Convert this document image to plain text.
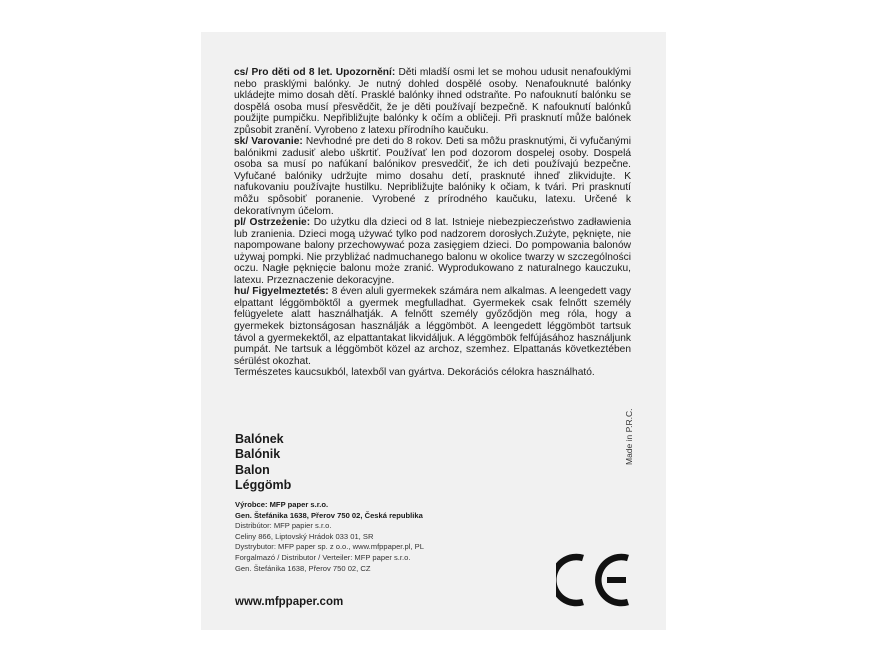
cs/ Pro děti od 8 let. Upozornění: Děti mladší osmi let se mohou udusit nenafouklými nebo prasklými balónky. Je nutný dohled dospělé osoby. Nenafouknuté balónky ukládejte mimo dosah dětí. Prasklé balónky ihned odstraňte. Po nafouknutí balónku se dospělá osoba musí přesvědčit, že je děti používají bezpečně. K nafouknutí balónků použijte pumpičku. Nepřibližujte balónky k očím a obličeji. Při prasknutí může balónek způsobit zranění. Vyrobeno z latexu přírodního kaučuku.

sk/ Varovanie: Nevhodné pre deti do 8 rokov. Deti sa môžu prasknutými, či vyfučanými balónikmi zadusiť alebo uškrtiť. Používať len pod dozorom dospelej osoby. Dospelá osoba sa musí po nafúkaní balónikov presvedčiť, že ich deti používajú bezpečne. Vyfučané balóniky udržujte mimo dosahu detí, prasknuté ihneď zlikvidujte. K nafukovaniu používajte hustilku. Nepribližujte balóniky k očiam, k tvári. Pri prasknutí môžu spôsobiť poranenie. Vyrobené z prírodného kaučuku, latexu. Určené k dekoratívnym účelom.

pl/ Ostrzeżenie: Do użytku dla dzieci od 8 lat. Istnieje niebezpieczeństwo zadławienia lub zranienia. Dzieci mogą używać tylko pod nadzorem dorosłych.Zużyte, pęknięte, nie napompowane balony przechowywać poza zasięgiem dzieci. Do pompowania balonów używaj pompki. Nie przybliżać nadmuchanego balonu w okolice twarzy w szczególności oczu. Nagłe pęknięcie balonu może zranić. Wyprodukowano z naturalnego kauczuku, latexu. Przeznaczenie dekoracyjne.

hu/ Figyelmeztetés: 8 éven aluli gyermekek számára nem alkalmas. A leengedett vagy elpattant léggömböktől a gyermek megfulladhat. Gyermekek csak felnőtt személy felügyelete alatt használhatják. A felnőtt személy győződjön meg róla, hogy a gyermekek biztonságosan használják a léggömböt. A leengedett léggömböt tartsuk távol a gyermekektől, az elpattantakat likvidáljuk. A léggömbök felfújásához használjunk pumpát. Ne tartsuk a léggömböt közel az archoz, szemhez. Elpattanás következtében sérülést okozhat.

Természetes kaucsukból, latexből van gyártva. Dekorációs célokra használható.

Made in P.R.C.
Balónek
Balónik
Balon
Léggömb
Výrobce: MFP paper s.r.o.
Gen. Štefánika 1638, Přerov 750 02, Česká republika
Distribútor: MFP papier s.r.o.
Celiny 866, Liptovský Hrádok 033 01, SR
Dystrybutor: MFP paper sp. z o.o., www.mfppaper.pl, PL
Forgalmazó / Distributor / Verteiler: MFP paper s.r.o.
Gen. Štefánika 1638, Přerov 750 02, CZ
www.mfppaper.com
